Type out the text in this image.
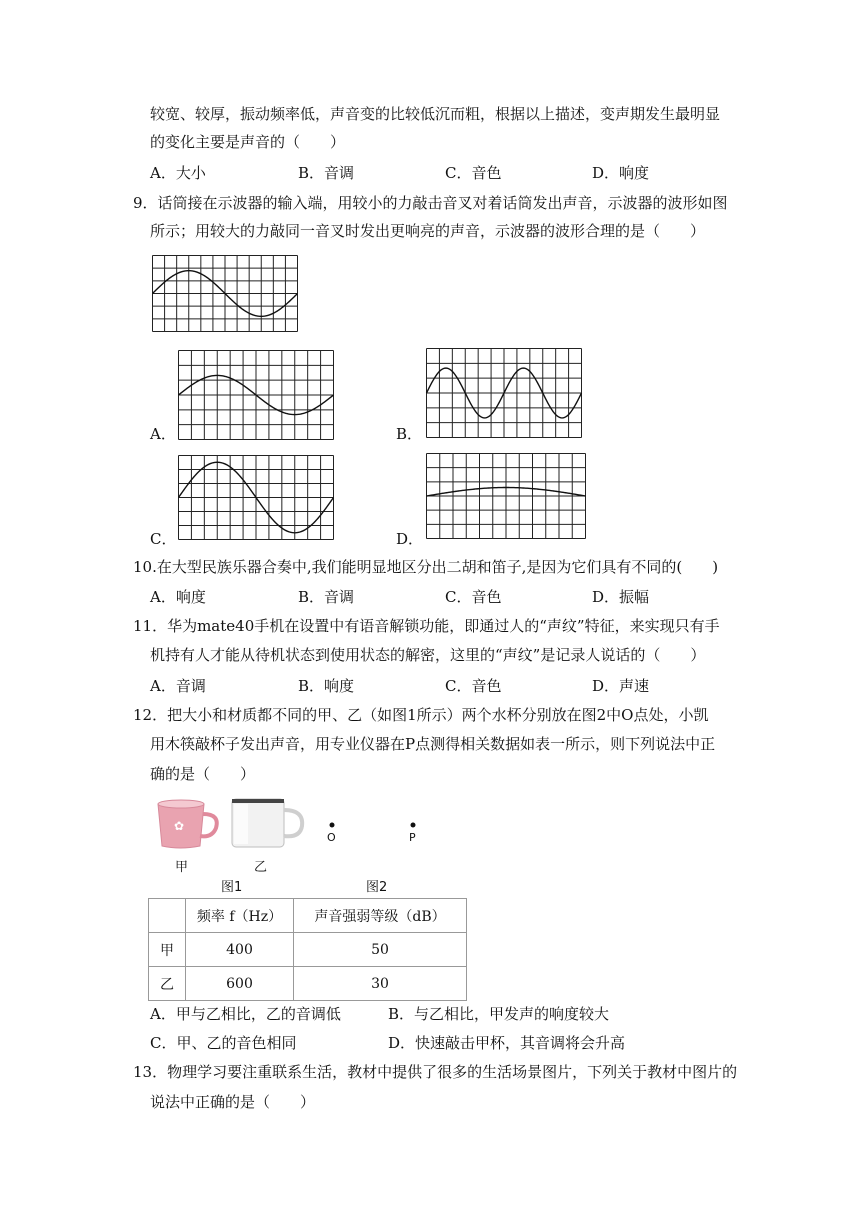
较宽、较厚，振动频率低，声音变的比较低沉而粗，根据以上描述，变声期发生最明显
的变化主要是声音的（　　）
A．大小	B．音调	C．音色	D．响度
9．话筒接在示波器的输入端，用较小的力敲击音叉对着话筒发出声音，示波器的波形如图
所示；用较大的力敲同一音叉时发出更响亮的声音，示波器的波形合理的是（　　）
A．	B．
C．	D．
10.在大型民族乐器合奏中,我们能明显地区分出二胡和笛子,是因为它们具有不同的(　　)
A．响度	B．音调	C．音色	D．振幅
11．华为mate40手机在设置中有语音解锁功能，即通过人的“声纹”特征，来实现只有手
机持有人才能从待机状态到使用状态的解密，这里的“声纹”是记录人说话的（　　）
A．音调	B．响度	C．音色	D．声速
12．把大小和材质都不同的甲、乙（如图1所示）两个水杯分别放在图2中O点处，小凯
用木筷敲杯子发出声音，用专业仪器在P点测得相关数据如表一所示，则下列说法中正
确的是（　　）
✿
甲	乙
图1
O	P
图2
	频率 f（Hz）	声音强弱等级（dB）
甲	400	50
乙	600	30
A．甲与乙相比，乙的音调低	B．与乙相比，甲发声的响度较大
C．甲、乙的音色相同	D．快速敲击甲杯，其音调将会升高
13．物理学习要注重联系生活，教材中提供了很多的生活场景图片，下列关于教材中图片的
说法中正确的是（　　）
